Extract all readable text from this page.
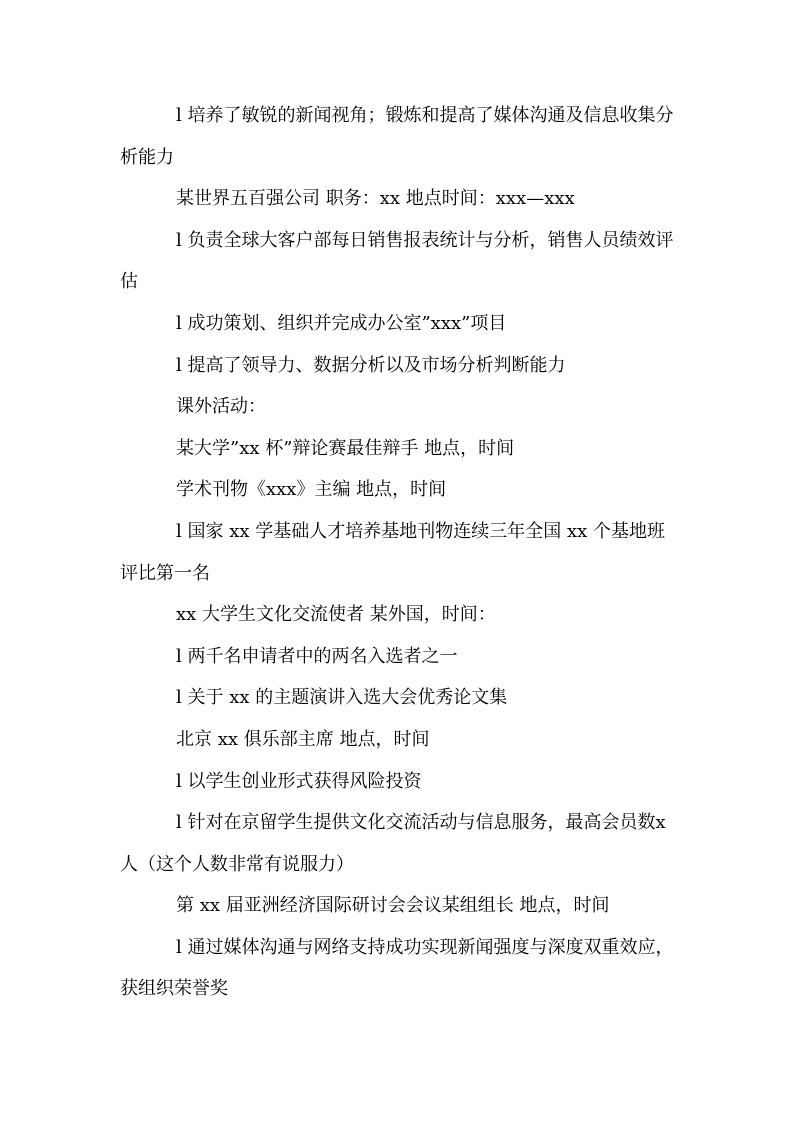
l 培养了敏锐的新闻视角；锻炼和提高了媒体沟通及信息收集分析能力

某世界五百强公司 职务：xx 地点时间：xxx—xxx

l 负责全球大客户部每日销售报表统计与分析，销售人员绩效评估

l 成功策划、组织并完成办公室”xxx”项目

l 提高了领导力、数据分析以及市场分析判断能力

课外活动：

某大学”xx 杯”辩论赛最佳辩手 地点，时间

学术刊物《xxx》主编 地点，时间

l 国家 xx 学基础人才培养基地刊物连续三年全国 xx 个基地班评比第一名

xx 大学生文化交流使者 某外国，时间：

l 两千名申请者中的两名入选者之一

l 关于 xx 的主题演讲入选大会优秀论文集

北京 xx 俱乐部主席 地点，时间

l 以学生创业形式获得风险投资

l 针对在京留学生提供文化交流活动与信息服务，最高会员数x 人（这个人数非常有说服力）

第 xx 届亚洲经济国际研讨会会议某组组长 地点，时间

l 通过媒体沟通与网络支持成功实现新闻强度与深度双重效应，获组织荣誉奖
